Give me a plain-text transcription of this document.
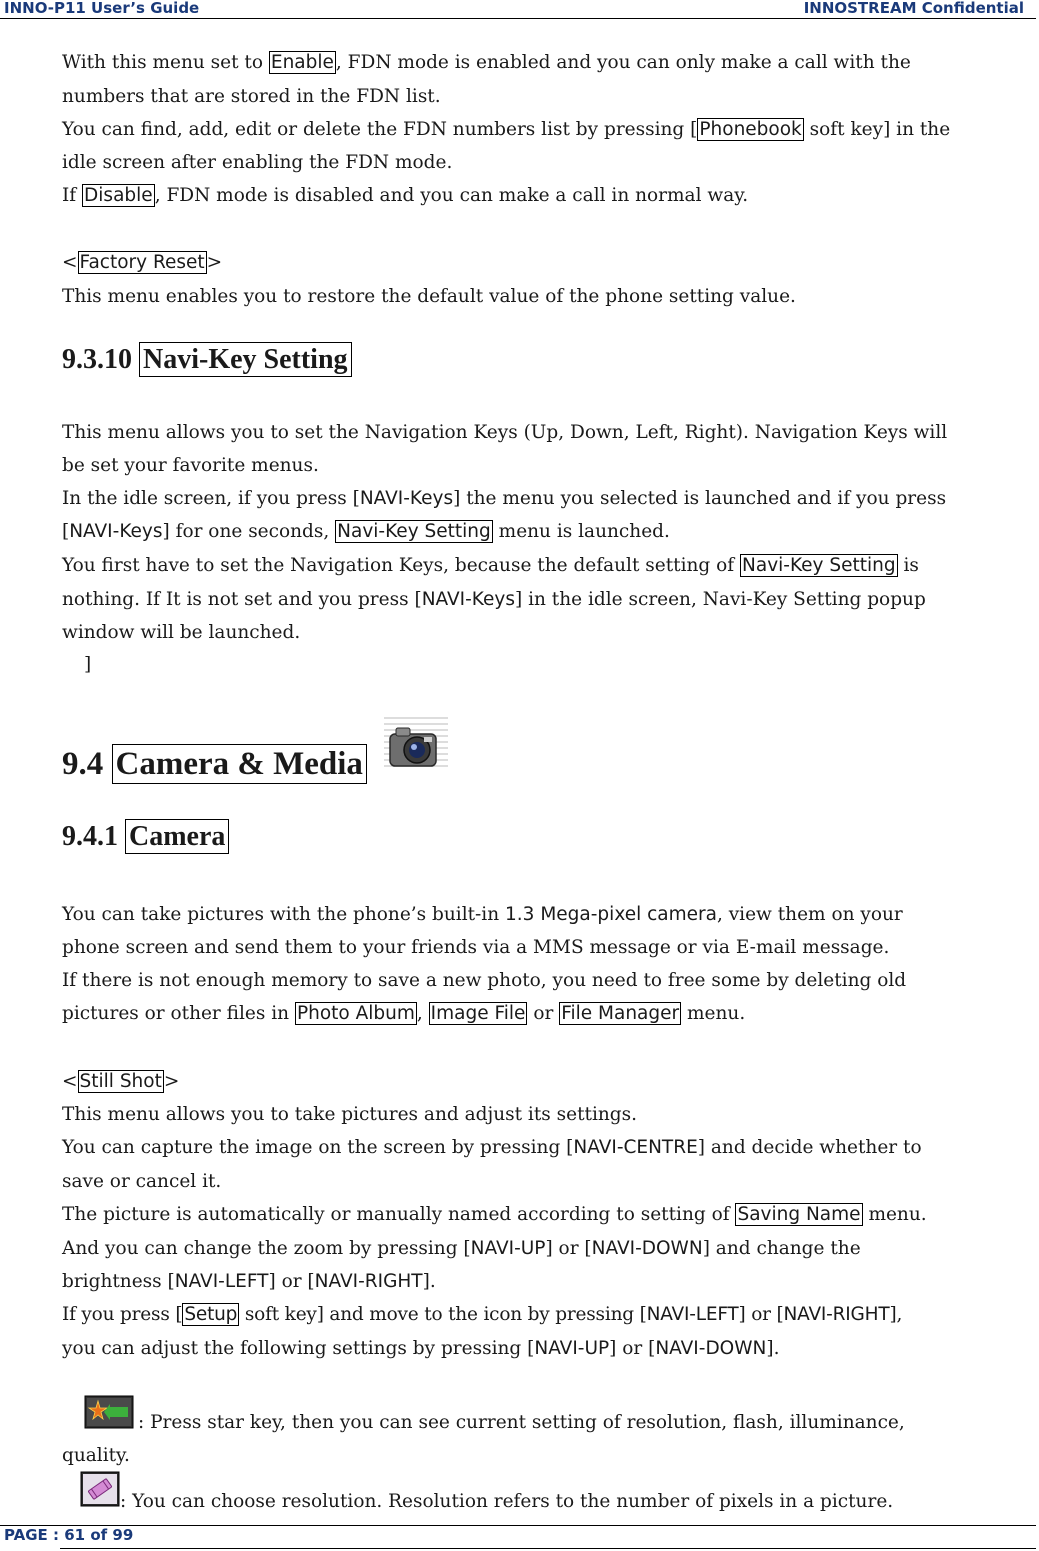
INNO-P11 User’s Guide	INNOSTREAM Confidential
With this menu set to Enable , FDN mode is enabled and you can only make a call with the
numbers that are stored in the FDN list.
You can find, add, edit or delete the FDN numbers list by pressing [ Phonebook soft key] in the
idle screen after enabling the FDN mode.
If Disable , FDN mode is disabled and you can make a call in normal way.
< Factory Reset >
This menu enables you to restore the default value of the phone setting value.
9.3.10 Navi-Key Setting
This menu allows you to set the Navigation Keys (Up, Down, Left, Right). Navigation Keys will
be set your favorite menus.
In the idle screen, if you press [NAVI-Keys] the menu you selected is launched and if you press
[NAVI-Keys] for one seconds, Navi-Key Setting menu is launched.
You first have to set the Navigation Keys, because the default setting of Navi-Key Setting is
nothing. If It is not set and you press [NAVI-Keys] in the idle screen, Navi-Key Setting popup
window will be launched.
]
9.4 Camera & Media
9.4.1 Camera
You can take pictures with the phone’s built-in 1.3 Mega-pixel camera, view them on your
phone screen and send them to your friends via a MMS message or via E-mail message.
If there is not enough memory to save a new photo, you need to free some by deleting old
pictures or other files in Photo Album , Image File or File Manager menu.
< Still Shot >
This menu allows you to take pictures and adjust its settings.
You can capture the image on the screen by pressing [NAVI-CENTRE] and decide whether to
save or cancel it.
The picture is automatically or manually named according to setting of Saving Name menu.
And you can change the zoom by pressing [NAVI-UP] or [NAVI-DOWN] and change the
brightness [NAVI-LEFT] or [NAVI-RIGHT].
If you press [ Setup soft key] and move to the icon by pressing [NAVI-LEFT] or [NAVI-RIGHT],
you can adjust the following settings by pressing [NAVI-UP] or [NAVI-DOWN].
: Press star key, then you can see current setting of resolution, flash, illuminance,
quality.
: You can choose resolution. Resolution refers to the number of pixels in a picture.
PAGE : 61 of 99
